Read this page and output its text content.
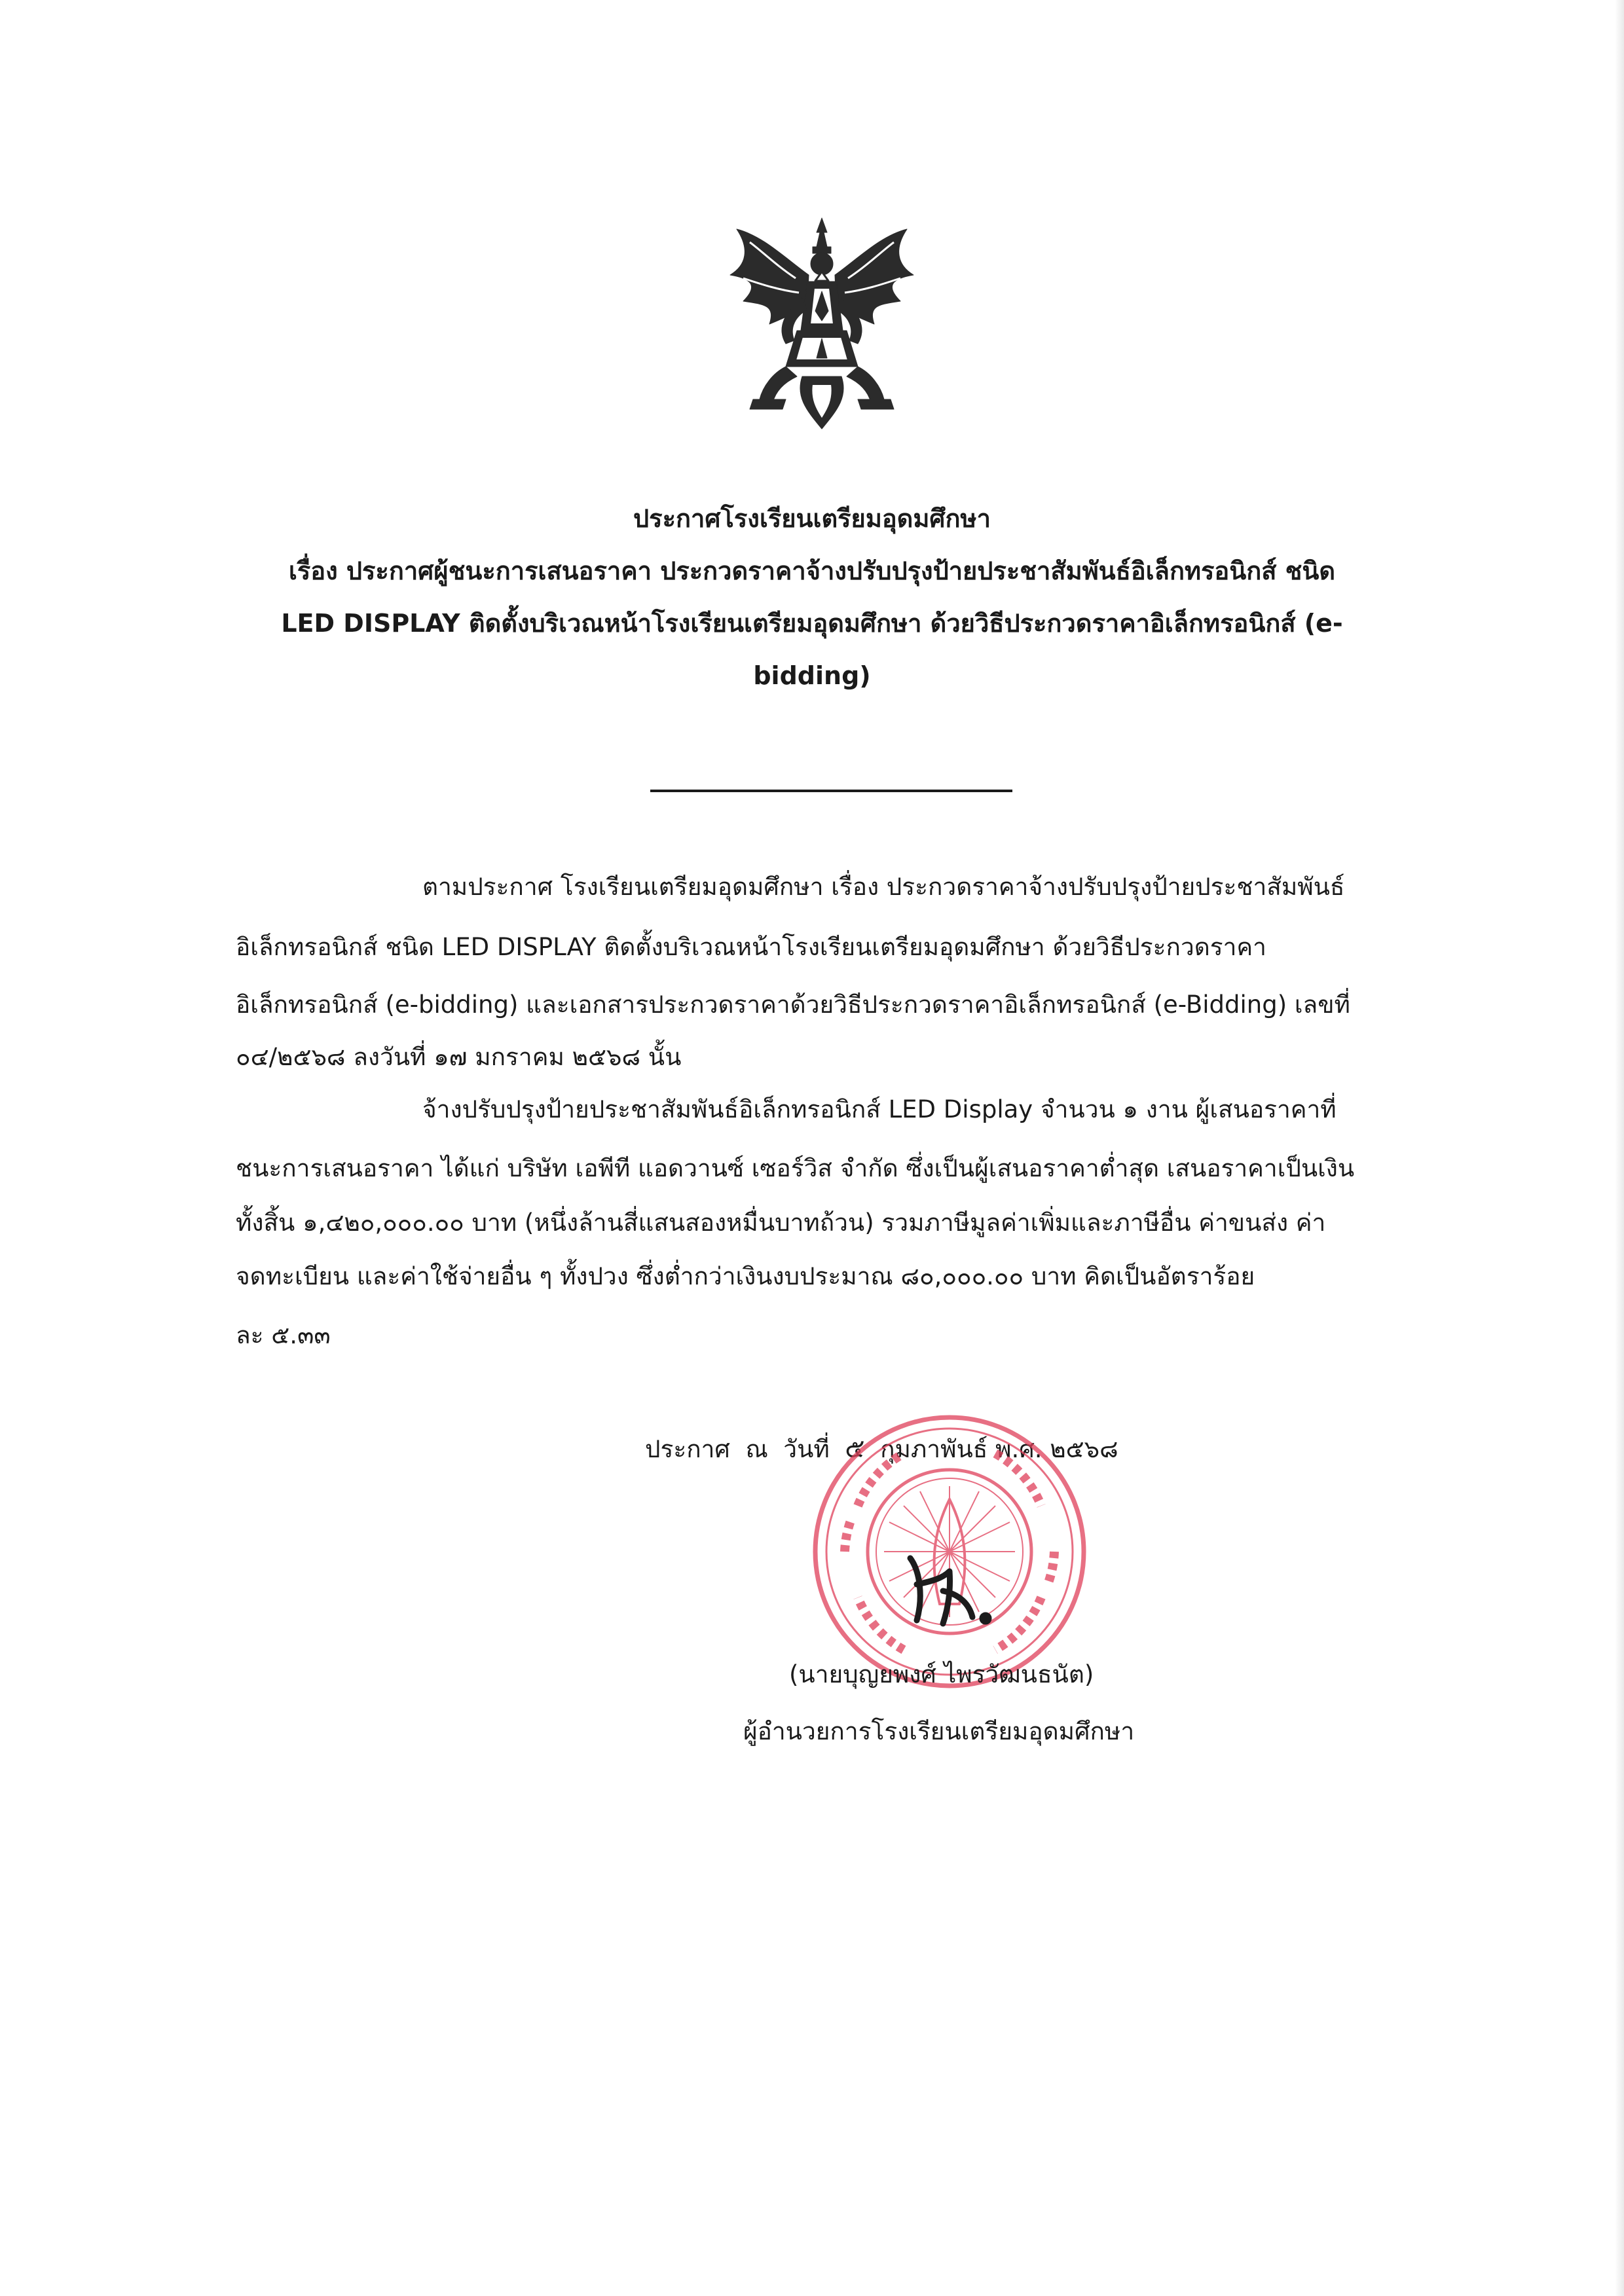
ประกาศโรงเรียนเตรียมอุดมศึกษา
เรื่อง ประกาศผู้ชนะการเสนอราคา ประกวดราคาจ้างปรับปรุงป้ายประชาสัมพันธ์อิเล็กทรอนิกส์ ชนิด
LED DISPLAY ติดตั้งบริเวณหน้าโรงเรียนเตรียมอุดมศึกษา ด้วยวิธีประกวดราคาอิเล็กทรอนิกส์ (e-
bidding)
ตามประกาศ โรงเรียนเตรียมอุดมศึกษา เรื่อง ประกวดราคาจ้างปรับปรุงป้ายประชาสัมพันธ์
อิเล็กทรอนิกส์ ชนิด LED DISPLAY ติดตั้งบริเวณหน้าโรงเรียนเตรียมอุดมศึกษา ด้วยวิธีประกวดราคา
อิเล็กทรอนิกส์ (e-bidding) และเอกสารประกวดราคาด้วยวิธีประกวดราคาอิเล็กทรอนิกส์ (e-Bidding) เลขที่
๐๔/๒๕๖๘ ลงวันที่ ๑๗ มกราคม ๒๕๖๘ นั้น
จ้างปรับปรุงป้ายประชาสัมพันธ์อิเล็กทรอนิกส์ LED Display จำนวน ๑ งาน ผู้เสนอราคาที่
ชนะการเสนอราคา ได้แก่ บริษัท เอพีที แอดวานซ์ เซอร์วิส จำกัด ซึ่งเป็นผู้เสนอราคาต่ำสุด เสนอราคาเป็นเงิน
ทั้งสิ้น ๑,๔๒๐,๐๐๐.๐๐ บาท (หนึ่งล้านสี่แสนสองหมื่นบาทถ้วน) รวมภาษีมูลค่าเพิ่มและภาษีอื่น ค่าขนส่ง ค่า
จดทะเบียน และค่าใช้จ่ายอื่น ๆ ทั้งปวง ซึ่งต่ำกว่าเงินงบประมาณ ๘๐,๐๐๐.๐๐ บาท คิดเป็นอัตราร้อย
ละ ๕.๓๓
ประกาศ ณ วันที่ ๕ กุมภาพันธ์ พ.ศ. ๒๕๖๘
(นายบุญยพงศ์ ไพรวัฒนธนัต)
ผู้อำนวยการโรงเรียนเตรียมอุดมศึกษา
